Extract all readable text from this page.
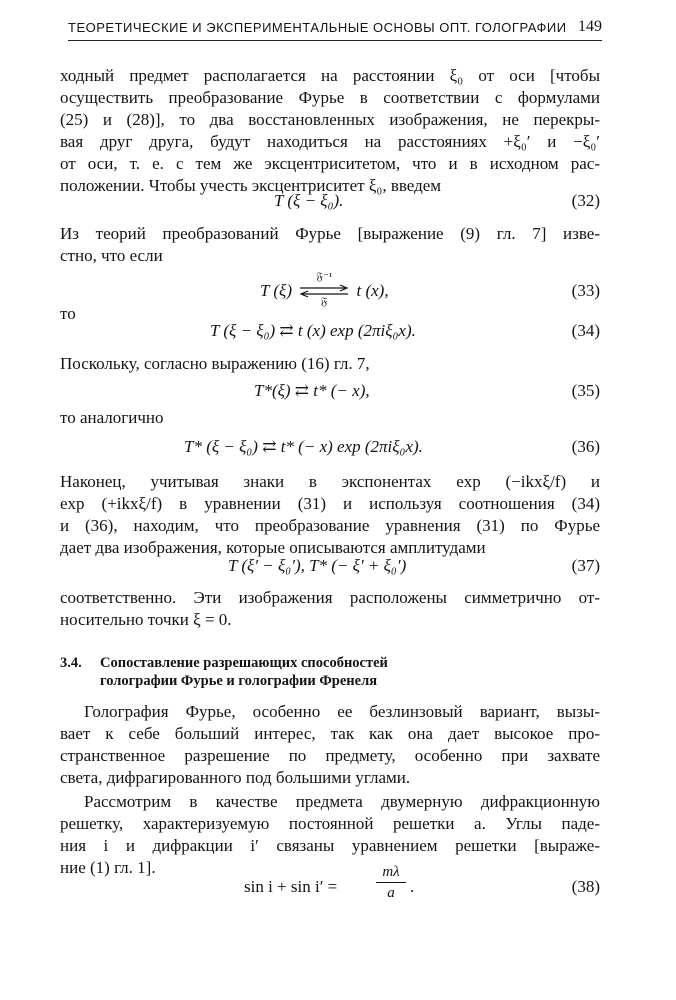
ТЕОРЕТИЧЕСКИЕ И ЭКСПЕРИМЕНТАЛЬНЫЕ ОСНОВЫ ОПТ. ГОЛОГРАФИИ 149
ходный предмет располагается на расстоянии ξ₀ от оси [чтобы
осуществить преобразование Фурье в соответствии с формулами
(25) и (28)], то два восстановленных изображения, не перекры-
вая друг друга, будут находиться на расстояниях +ξ₀′ и −ξ₀′
от оси, т. е. с тем же эксцентриситетом, что и в исходном рас-
положении. Чтобы учесть эксцентриситет ξ₀, введем
T (ξ − ξ₀).	(32)
Из теорий преобразований Фурье [выражение (9) гл. 7] изве-
стно, что если
T (ξ)
𝔉⁻¹
𝔉
t (x),	(33)
то
T (ξ − ξ₀) ⇄ t (x) exp (2πiξ₀x).	(34)
Поскольку, согласно выражению (16) гл. 7,
T*(ξ) ⇄ t* (− x),	(35)
то аналогично
T* (ξ − ξ₀) ⇄ t* (− x) exp (2πiξ₀x).	(36)
Наконец, учитывая знаки в экспонентах exp (−ikxξ/f) и
exp (+ikxξ/f) в уравнении (31) и используя соотношения (34)
и (36), находим, что преобразование уравнения (31) по Фурье
дает два изображения, которые описываются амплитудами
T (ξ′ − ξ₀′), T* (− ξ′ + ξ₀′)	(37)
соответственно. Эти изображения расположены симметрично от-
носительно точки ξ = 0.
3.4. Сопоставление разрешающих способностей
голографии Фурье и голографии Френеля
Голография Фурье, особенно ее безлинзовый вариант, вызы-
вает к себе больший интерес, так как она дает высокое про-
странственное разрешение по предмету, особенно при захвате
света, дифрагированного под большими углами.
Рассмотрим в качестве предмета двумерную дифракционную
решетку, характеризуемую постоянной решетки a. Углы паде-
ния i и дифракции i′ связаны уравнением решетки [выраже-
ние (1) гл. 1].
sin i + sin i′ =	$\frac{m\lambda}{a}$ .	(38)
